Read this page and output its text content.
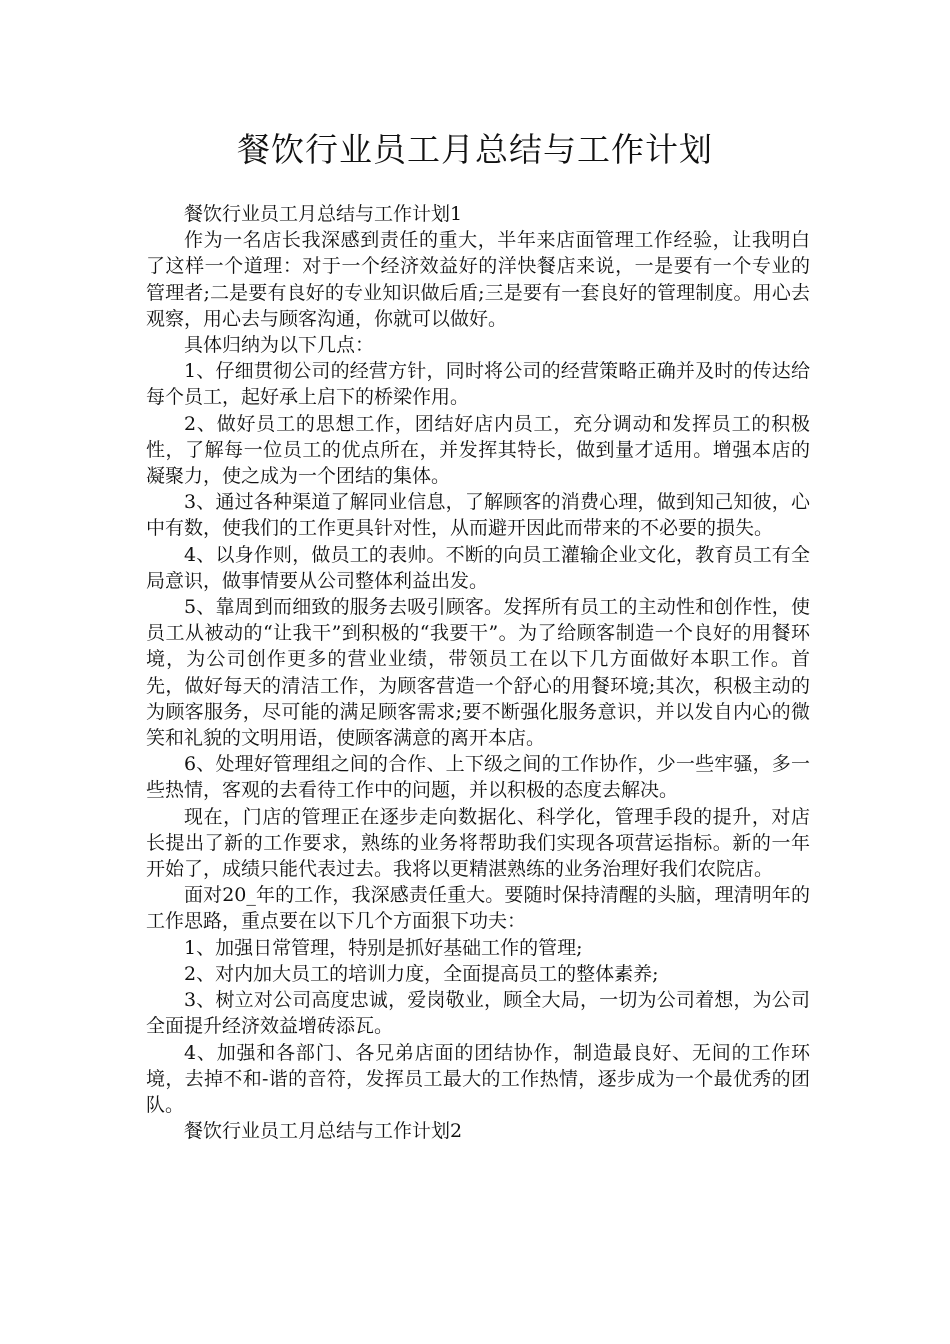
餐饮行业员工月总结与工作计划

餐饮行业员工月总结与工作计划1

作为一名店长我深感到责任的重大，半年来店面管理工作经验，让我明白了这样一个道理：对于一个经济效益好的洋快餐店来说，一是要有一个专业的管理者;二是要有良好的专业知识做后盾;三是要有一套良好的管理制度。用心去观察，用心去与顾客沟通，你就可以做好。

具体归纳为以下几点：

1、仔细贯彻公司的经营方针，同时将公司的经营策略正确并及时的传达给每个员工，起好承上启下的桥梁作用。

2、做好员工的思想工作，团结好店内员工，充分调动和发挥员工的积极性，了解每一位员工的优点所在，并发挥其特长，做到量才适用。增强本店的凝聚力，使之成为一个团结的集体。

3、通过各种渠道了解同业信息，了解顾客的消费心理，做到知己知彼，心中有数，使我们的工作更具针对性，从而避开因此而带来的不必要的损失。

4、以身作则，做员工的表帅。不断的向员工灌输企业文化，教育员工有全局意识，做事情要从公司整体利益出发。

5、靠周到而细致的服务去吸引顾客。发挥所有员工的主动性和创作性，使员工从被动的“让我干”到积极的“我要干”。为了给顾客制造一个良好的用餐环境，为公司创作更多的营业业绩，带领员工在以下几方面做好本职工作。首先，做好每天的清洁工作，为顾客营造一个舒心的用餐环境;其次，积极主动的为顾客服务，尽可能的满足顾客需求;要不断强化服务意识，并以发自内心的微笑和礼貌的文明用语，使顾客满意的离开本店。

6、处理好管理组之间的合作、上下级之间的工作协作，少一些牢骚，多一些热情，客观的去看待工作中的问题，并以积极的态度去解决。

现在，门店的管理正在逐步走向数据化、科学化，管理手段的提升，对店长提出了新的工作要求，熟练的业务将帮助我们实现各项营运指标。新的一年开始了，成绩只能代表过去。我将以更精湛熟练的业务治理好我们农院店。

面对20_年的工作，我深感责任重大。要随时保持清醒的头脑，理清明年的工作思路，重点要在以下几个方面狠下功夫：

1、加强日常管理，特别是抓好基础工作的管理;

2、对内加大员工的培训力度，全面提高员工的整体素养;

3、树立对公司高度忠诚，爱岗敬业，顾全大局，一切为公司着想，为公司全面提升经济效益增砖添瓦。

4、加强和各部门、各兄弟店面的团结协作，制造最良好、无间的工作环境，去掉不和-谐的音符，发挥员工最大的工作热情，逐步成为一个最优秀的团队。

餐饮行业员工月总结与工作计划2
